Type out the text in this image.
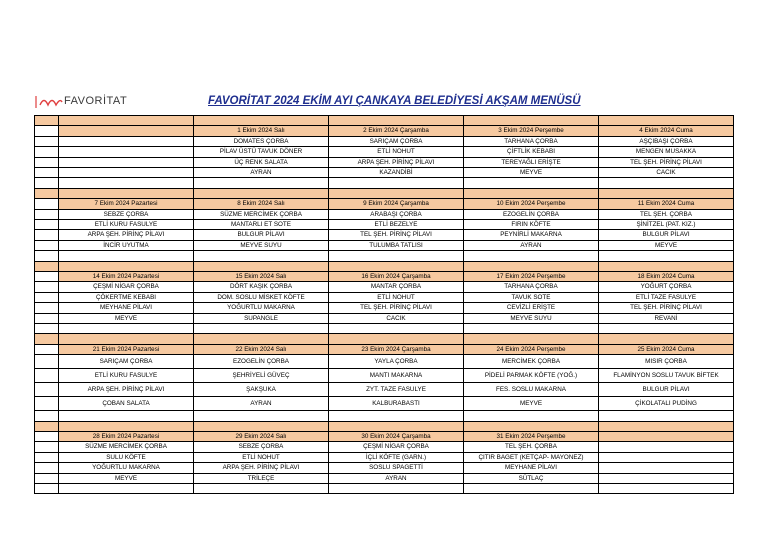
FAVORİTAT	FAVORİTAT 2024 EKİM AYI ÇANKAYA BELEDİYESİ AKŞAM MENÜSÜ

		1 Ekim 2024 Salı	2 Ekim 2024 Çarşamba	3 Ekim 2024 Perşembe	4 Ekim 2024 Cuma
		DOMATES ÇORBA	SARIÇAM ÇORBA	TARHANA ÇORBA	AŞÇIBAŞI ÇORBA
		PİLAV ÜSTÜ TAVUK DÖNER	ETLİ NOHUT	ÇİFTLİK KEBABI	MENGEN MUSAKKA
		ÜÇ RENK SALATA	ARPA ŞEH. PİRİNÇ PİLAVI	TEREYAĞLI ERİŞTE	TEL ŞEH. PİRİNÇ PİLAVI
		AYRAN	KAZANDİBİ	MEYVE	CACIK

	7 Ekim 2024 Pazartesi	8 Ekim 2024 Salı	9 Ekim 2024 Çarşamba	10 Ekim 2024 Perşembe	11 Ekim 2024 Cuma
	SEBZE ÇORBA	SÜZME MERCİMEK ÇORBA	ARABAŞI ÇORBA	EZOGELİN ÇORBA	TEL ŞEH. ÇORBA
	ETLİ KURU FASULYE	MANTARLI ET SOTE	ETLİ BEZELYE	FIRIN KÖFTE	ŞİNİTZEL (PAT. KIZ.)
	ARPA ŞEH. PİRİNÇ PİLAVI	BULGUR PİLAVI	TEL ŞEH. PİRİNÇ PİLAVI	PEYNİRLİ MAKARNA	BULGUR PİLAVI
	İNCİR UYUTMA	MEYVE SUYU	TULUMBA TATLISI	AYRAN	MEYVE

	14 Ekim 2024 Pazartesi	15 Ekim 2024 Salı	16 Ekim 2024 Çarşamba	17 Ekim 2024 Perşembe	18 Ekim 2024 Cuma
	ÇEŞMİ NİGAR ÇORBA	DÖRT KAŞIK ÇORBA	MANTAR ÇORBA	TARHANA ÇORBA	YOĞURT ÇORBA
	ÇÖKERTME KEBABI	DOM. SOSLU MİSKET KÖFTE	ETLİ NOHUT	TAVUK SOTE	ETLİ TAZE FASULYE
	MEYHANE PİLAVI	YOĞURTLU MAKARNA	TEL ŞEH. PİRİNÇ PİLAVI	CEVİZLİ ERİŞTE	TEL ŞEH. PİRİNÇ PİLAVI
	MEYVE	SUPANGLE	CACIK	MEYVE SUYU	REVANİ

	21 Ekim 2024 Pazartesi	22 Ekim 2024 Salı	23 Ekim 2024 Çarşamba	24 Ekim 2024 Perşembe	25 Ekim 2024 Cuma
	SARIÇAM ÇORBA	EZOGELİN ÇORBA	YAYLA ÇORBA	MERCİMEK ÇORBA	MISIR ÇORBA
	ETLİ KURU FASULYE	ŞEHRİYELİ GÜVEÇ	MANTI MAKARNA	PİDELİ PARMAK KÖFTE (YOĞ.)	FLAMİNYON SOSLU TAVUK BİFTEK
	ARPA ŞEH. PİRİNÇ PİLAVI	ŞAKŞUKA	ZYT. TAZE FASULYE	FES. SOSLU MAKARNA	BULGUR PİLAVI
	ÇOBAN SALATA	AYRAN	KALBURABASTI	MEYVE	ÇİKOLATALI PUDİNG

	28 Ekim 2024 Pazartesi	29 Ekim 2024 Salı	30 Ekim 2024 Çarşamba	31 Ekim 2024 Perşembe	
	SÜZME MERCİMEK ÇORBA	SEBZE ÇORBA	ÇEŞMİ NİGAR ÇORBA	TEL ŞEH. ÇORBA	
	SULU KÖFTE	ETLİ NOHUT	İÇLİ KÖFTE (GARN.)	ÇITIR BAGET (KETÇAP- MAYONEZ)	
	YOĞURTLU MAKARNA	ARPA ŞEH. PİRİNÇ PİLAVI	SOSLU SPAGETTİ	MEYHANE PİLAVI	
	MEYVE	TRİLEÇE	AYRAN	SÜTLAÇ	
